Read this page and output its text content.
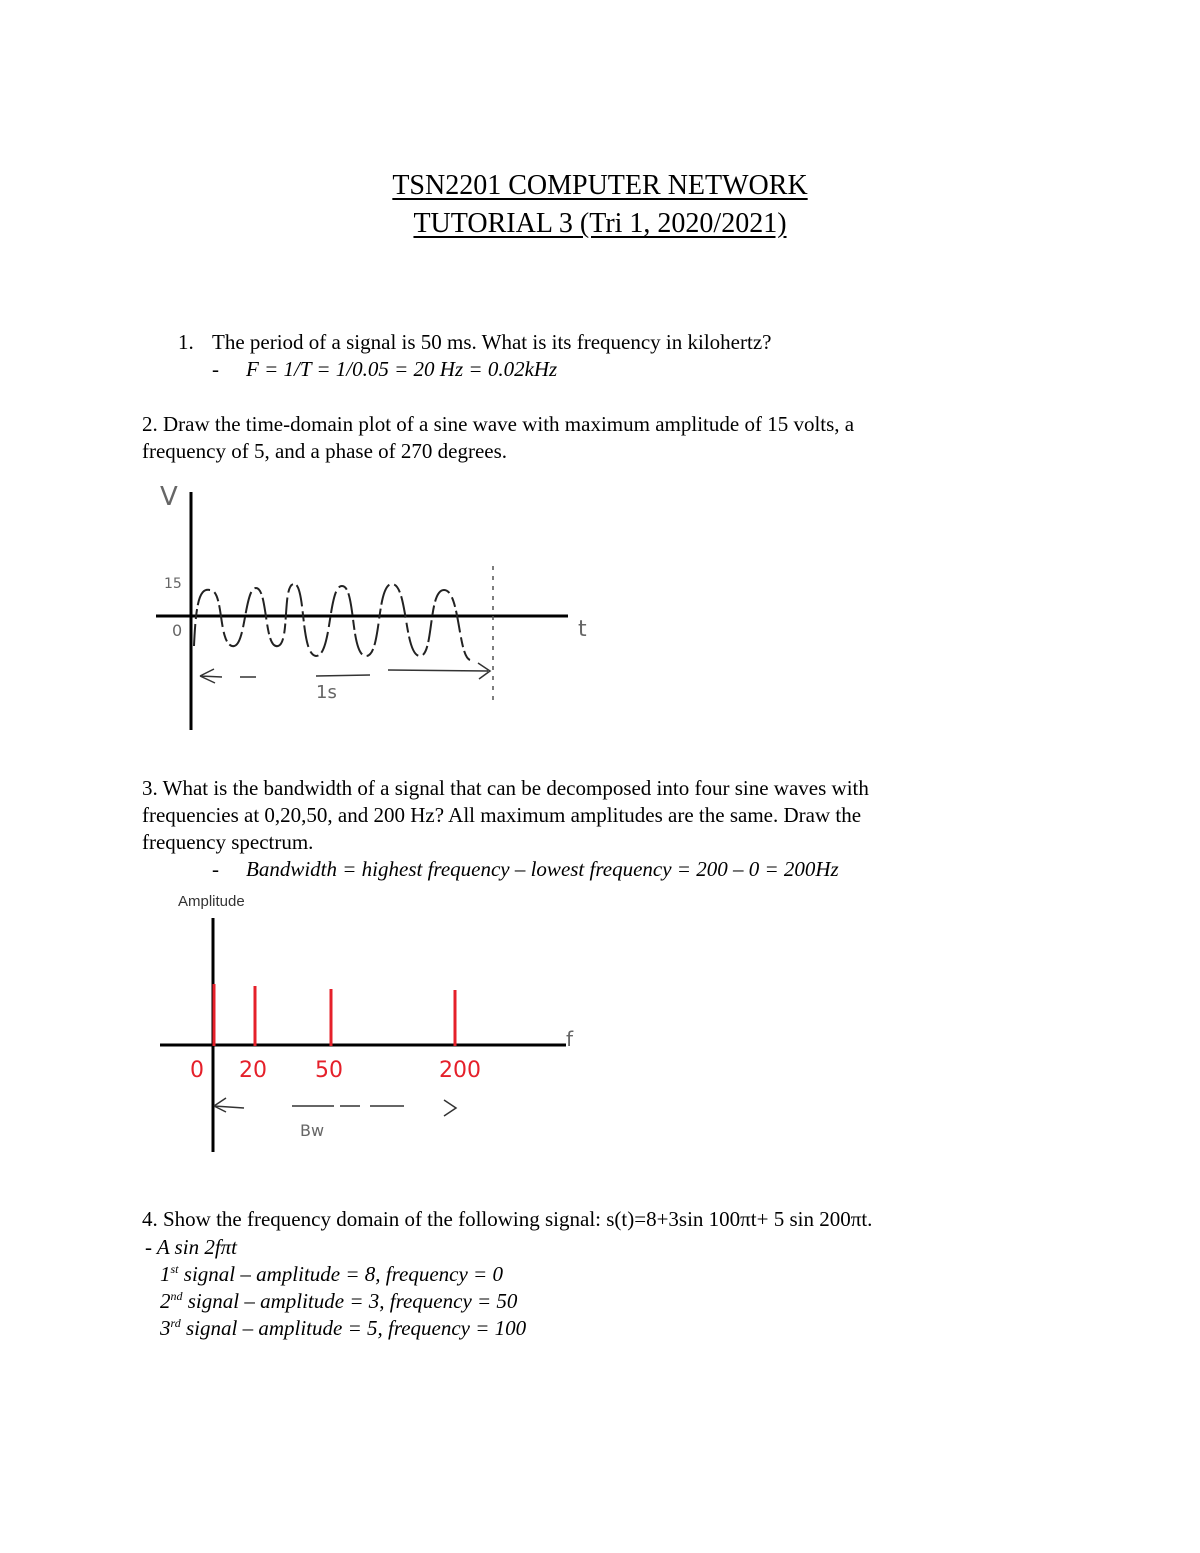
TSN2201 COMPUTER NETWORK
TUTORIAL 3 (Tri 1, 2020/2021)
1. The period of a signal is 50 ms. What is its frequency in kilohertz?
- F = 1/T = 1/0.05 = 20 Hz = 0.02kHz
2. Draw the time-domain plot of a sine wave with maximum amplitude of 15 volts, a
frequency of 5, and a phase of 270 degrees.
V
15
0	t
1s
3. What is the bandwidth of a signal that can be decomposed into four sine waves with
frequencies at 0,20,50, and 200 Hz? All maximum amplitudes are the same. Draw the
frequency spectrum.
- Bandwidth = highest frequency – lowest frequency = 200 – 0 = 200Hz
Amplitude
f
Bw
0 20 50	200
4. Show the frequency domain of the following signal: s(t)=8+3sin 100πt+ 5 sin 200πt.
- A sin 2fπt
1st signal – amplitude = 8, frequency = 0
2nd signal – amplitude = 3, frequency = 50
3rd signal – amplitude = 5, frequency = 100
